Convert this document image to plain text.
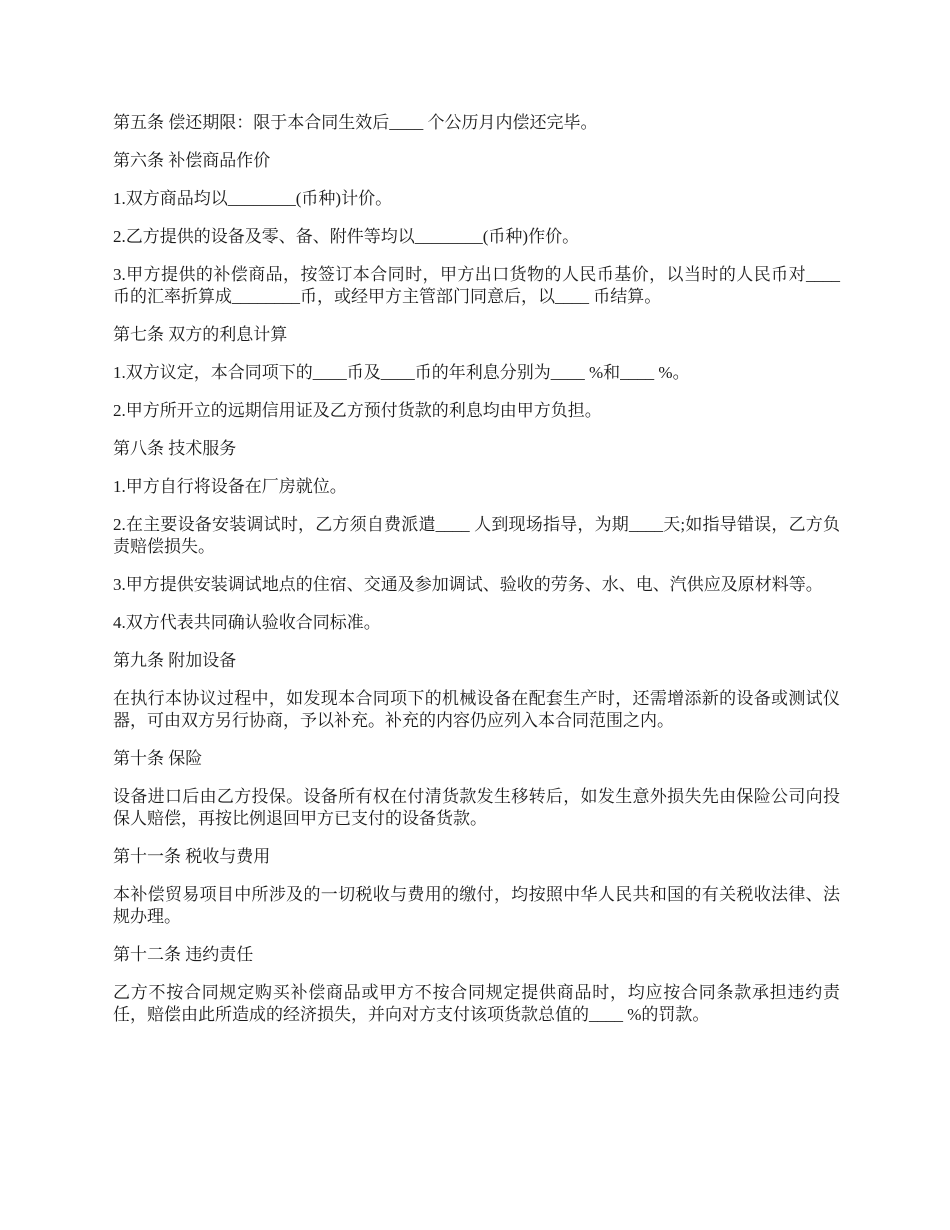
第五条 偿还期限：限于本合同生效后____ 个公历月内偿还完毕。

第六条 补偿商品作价

1.双方商品均以________(币种)计价。

2.乙方提供的设备及零、备、附件等均以________(币种)作价。

3.甲方提供的补偿商品，按签订本合同时，甲方出口货物的人民币基价，以当时的人民币对____ 币的汇率折算成________币，或经甲方主管部门同意后，以____ 币结算。

第七条 双方的利息计算

1.双方议定，本合同项下的____币及____币的年利息分别为____ %和____ %。

2.甲方所开立的远期信用证及乙方预付货款的利息均由甲方负担。

第八条 技术服务

1.甲方自行将设备在厂房就位。

2.在主要设备安装调试时，乙方须自费派遣____ 人到现场指导，为期____天;如指导错误，乙方负责赔偿损失。

3.甲方提供安装调试地点的住宿、交通及参加调试、验收的劳务、水、电、汽供应及原材料等。

4.双方代表共同确认验收合同标准。

第九条 附加设备

在执行本协议过程中，如发现本合同项下的机械设备在配套生产时，还需增添新的设备或测试仪器，可由双方另行协商，予以补充。补充的内容仍应列入本合同范围之内。

第十条 保险

设备进口后由乙方投保。设备所有权在付清货款发生移转后，如发生意外损失先由保险公司向投保人赔偿，再按比例退回甲方已支付的设备货款。

第十一条 税收与费用

本补偿贸易项目中所涉及的一切税收与费用的缴付，均按照中华人民共和国的有关税收法律、法规办理。

第十二条 违约责任

乙方不按合同规定购买补偿商品或甲方不按合同规定提供商品时，均应按合同条款承担违约责任，赔偿由此所造成的经济损失，并向对方支付该项货款总值的____ %的罚款。
